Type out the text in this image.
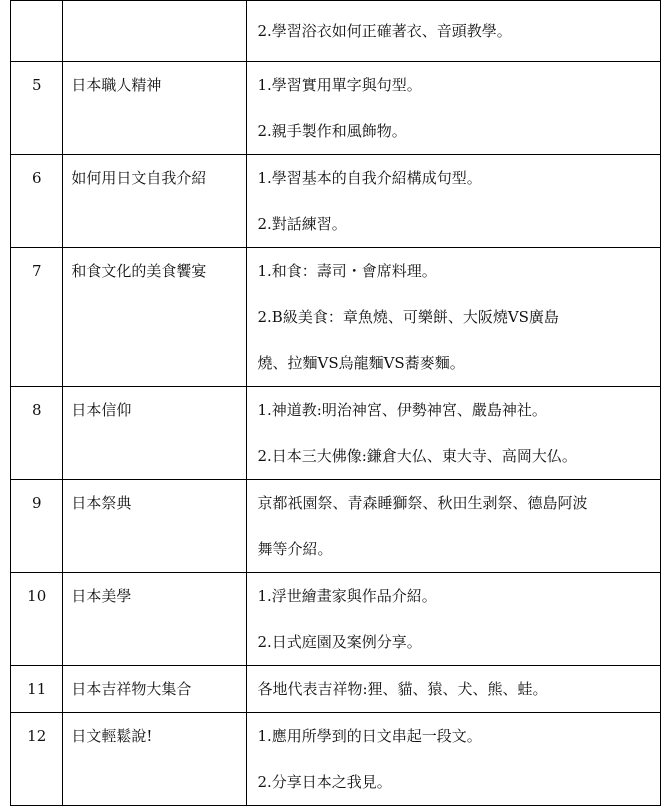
		2.學習浴衣如何正確著衣、音頭教學。

5	日本職人精神	1.學習實用單字與句型。
2.親手製作和風飾物。

6	如何用日文自我介紹	1.學習基本的自我介紹構成句型。
2.對話練習。

7	和食文化的美食饗宴	1.和食：壽司・會席料理。
2.B級美食：章魚燒、可樂餅、大阪燒VS廣島
燒、拉麵VS烏龍麵VS蕎麥麵。

8	日本信仰	1.神道教:明治神宮、伊勢神宮、嚴島神社。
2.日本三大佛像:鎌倉大仏、東大寺、高岡大仏。

9	日本祭典	京都祇園祭、青森睡獅祭、秋田生剥祭、德島阿波
舞等介紹。

10	日本美學	1.浮世繪畫家與作品介紹。
2.日式庭園及案例分享。

11	日本吉祥物大集合	各地代表吉祥物:狸、貓、猿、犬、熊、蛙。

12	日文輕鬆說!	1.應用所學到的日文串起一段文。
2.分享日本之我見。
